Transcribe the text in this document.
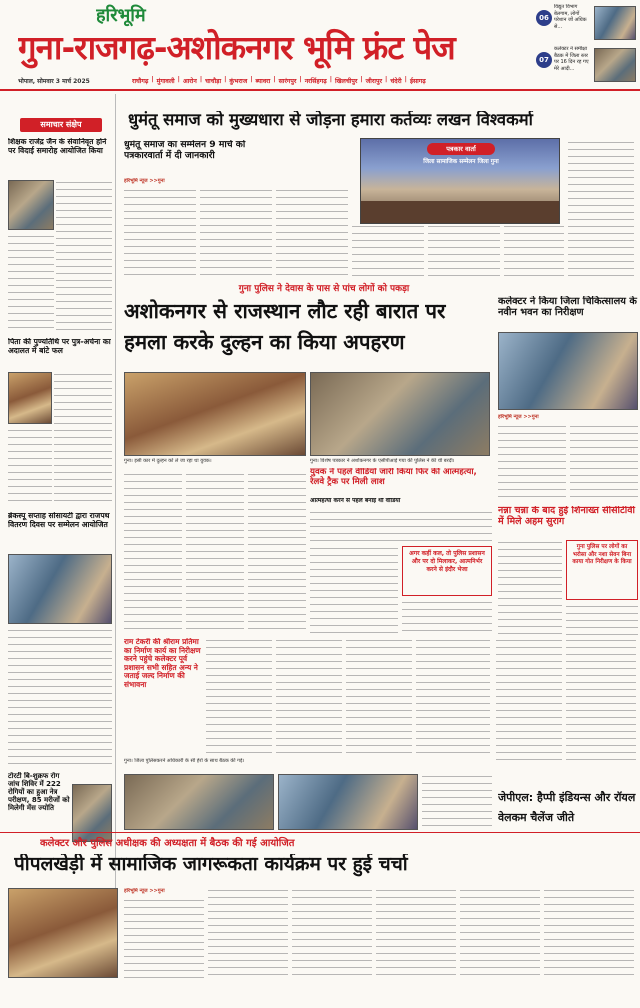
हरिभूमि
गुना-राजगढ़-अशोकनगर भूमि फ्रंट पेज
भोपाल, सोमवार 3 मार्च 2025	राघौगढ़ | मुंगावली | आरोन | चाचौड़ा | कुंभराज | ब्यावरा | सारंगपुर | नरसिंहगढ़ | खिलचीपुर | जीरापुर | चंदेरी | ईसागढ़
06
विद्युत विभाग बेलगाम, लोगों परेशान जाें अधिक से...
07
कलेक्टर ने समीक्षा बैठक में जिला स्तर पर 16 दिन रह गए मेरे आदी...
समाचार संक्षेप
शिक्षक राजेंद्र जैन के सेवानिवृत होने पर विदाई समारोह आयोजित किया
पिता की पुण्यतिथि पर पुत्र-अर्चना का अदालत में बांटे फल
ब्रेकस्पू सप्ताह सोसायटी द्वारा राजपथ वितरण दिवस पर सम्मेलन आयोजित
टोरटी बि-शुक्रफ रोग जांच शिविर में 222 रोगियों का हुआ नेत्र परीक्षण, 85 मरीजों को मिलेगी मेंस ज्योति
धुमंतू समाज को मुख्यधारा से जोड़ना हमारा कर्तव्यः लखन विश्वकर्मा
धुमंतू समाज का सम्मेलन 9 मार्च को पत्रकारवार्ता में दी जानकारी
हरिभूमि न्यूज >>गुना
पत्रकार वार्ता
जिला सामाजिक सम्मेलन जिला गुना
गुना पुलिस ने देवास के पास से पांच लोगों को पकड़ा
अशोकनगर से राजस्थान लौट रही बारात पर हमला करके दुल्हन का किया अपहरण
गुना। इसी कार में दुल्हन को ले जा रहा था युवक।	गुना। विशेष पत्रकार ने अशोकनगर के एसीपीआई गया की पुलिस ने की थी बरदी।
युवक ने पहले वीडियो जारी किया फिर की आत्महत्या, रेलवे ट्रैक पर मिली लाश
आत्महत्या करने से पहले बनाई थी वीडियो
अगर कहीं कल, तो पुलिस प्रशासन और पर दो मिलाकर, आत्मनिर्भर करने से इंदौर भेजा
कलेक्टर ने किया जिला चिकित्सालय के नवीन भवन का निरीक्षण
हरिभूमि न्यूज >>गुना
नन्ना चन्ना के बाद हुई शिनाख्त सीसीटीवी में मिले अहम सुराग
गुना पुलिस पर लोगों का भरोसा और नशा सेवन बिना काया गोत निरीक्षण के किया
राम टेकरी की श्रीराम प्रतिमा का निर्माण कार्य का निरीक्षण करने पहुंचे कलेक्टर पूर्व प्रशासन सभी सहित अन्य ने जताई जल्द निर्माण की संभावना
गुना। जिला पुलिसकरने अधिकारी के सी हेरों के साथ बैठक की गई।
जेपीएल: हैप्पी इंडियन्स और रॉयल वेलकम चैलेंज जीते
कलेक्टर और पुलिस अधीक्षक की अध्यक्षता में बैठक की गई आयोजित
पीपलखेड़ी में सामाजिक जागरूकता कार्यक्रम पर हुई चर्चा
हरिभूमि न्यूज >>गुना
